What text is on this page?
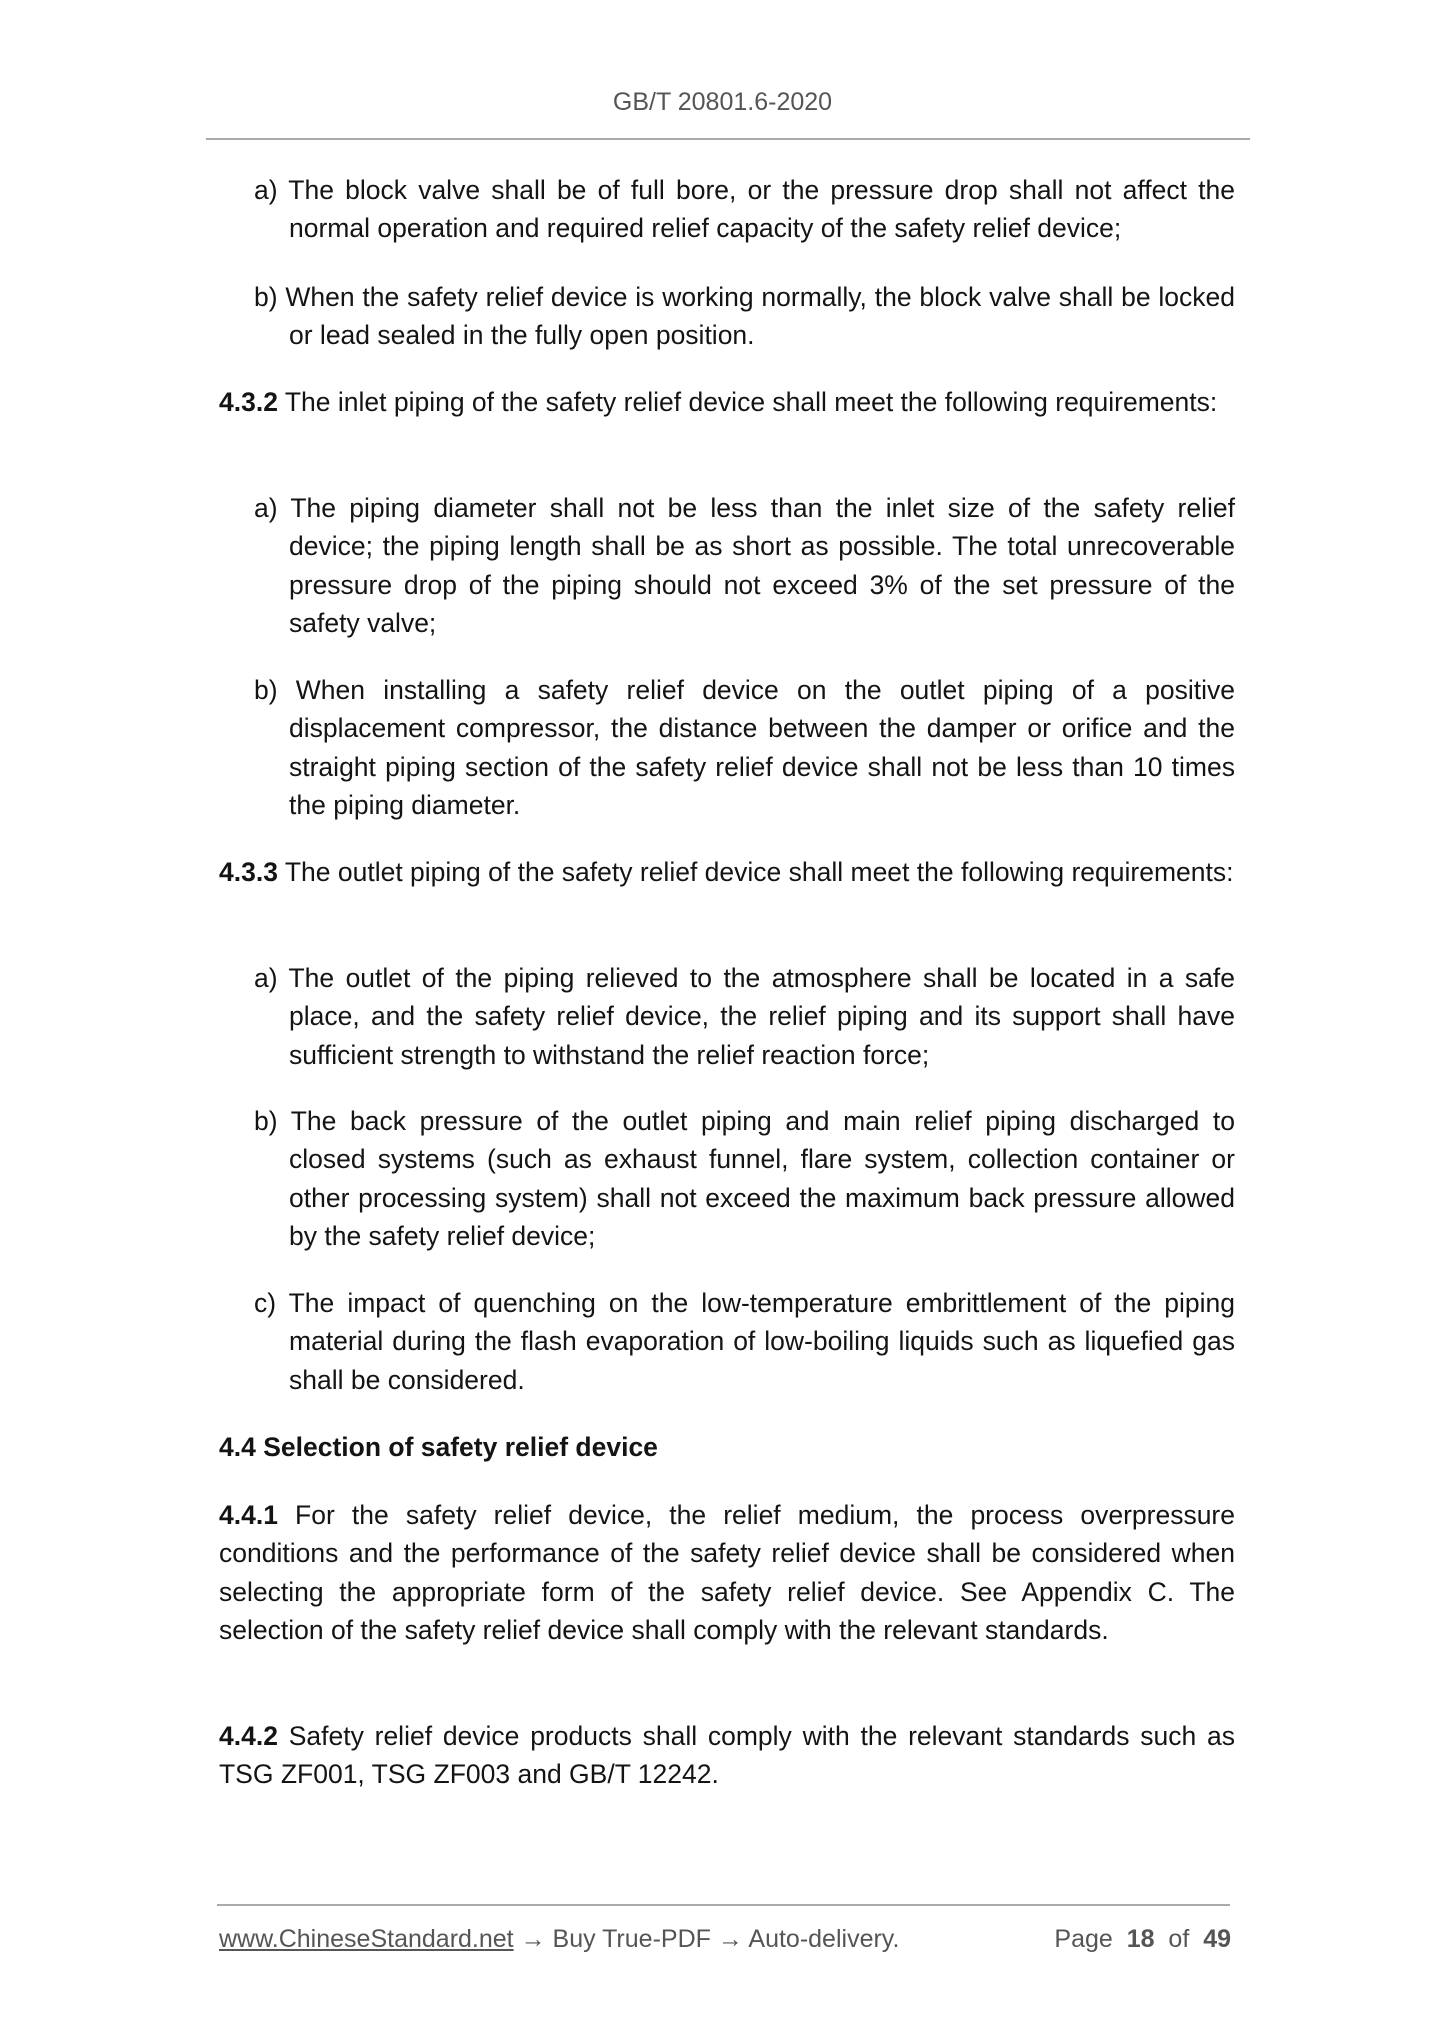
GB/T 20801.6-2020
a) The block valve shall be of full bore, or the pressure drop shall not affect the normal operation and required relief capacity of the safety relief device;
b) When the safety relief device is working normally, the block valve shall be locked or lead sealed in the fully open position.
4.3.2 The inlet piping of the safety relief device shall meet the following requirements:
a) The piping diameter shall not be less than the inlet size of the safety relief device; the piping length shall be as short as possible. The total unrecoverable pressure drop of the piping should not exceed 3% of the set pressure of the safety valve;
b) When installing a safety relief device on the outlet piping of a positive displacement compressor, the distance between the damper or orifice and the straight piping section of the safety relief device shall not be less than 10 times the piping diameter.
4.3.3 The outlet piping of the safety relief device shall meet the following requirements:
a) The outlet of the piping relieved to the atmosphere shall be located in a safe place, and the safety relief device, the relief piping and its support shall have sufficient strength to withstand the relief reaction force;
b) The back pressure of the outlet piping and main relief piping discharged to closed systems (such as exhaust funnel, flare system, collection container or other processing system) shall not exceed the maximum back pressure allowed by the safety relief device;
c) The impact of quenching on the low-temperature embrittlement of the piping material during the flash evaporation of low-boiling liquids such as liquefied gas shall be considered.
4.4 Selection of safety relief device
4.4.1 For the safety relief device, the relief medium, the process overpressure conditions and the performance of the safety relief device shall be considered when selecting the appropriate form of the safety relief device. See Appendix C. The selection of the safety relief device shall comply with the relevant standards.
4.4.2 Safety relief device products shall comply with the relevant standards such as TSG ZF001, TSG ZF003 and GB/T 12242.
www.ChineseStandard.net → Buy True-PDF → Auto-delivery.	Page 18 of 49
